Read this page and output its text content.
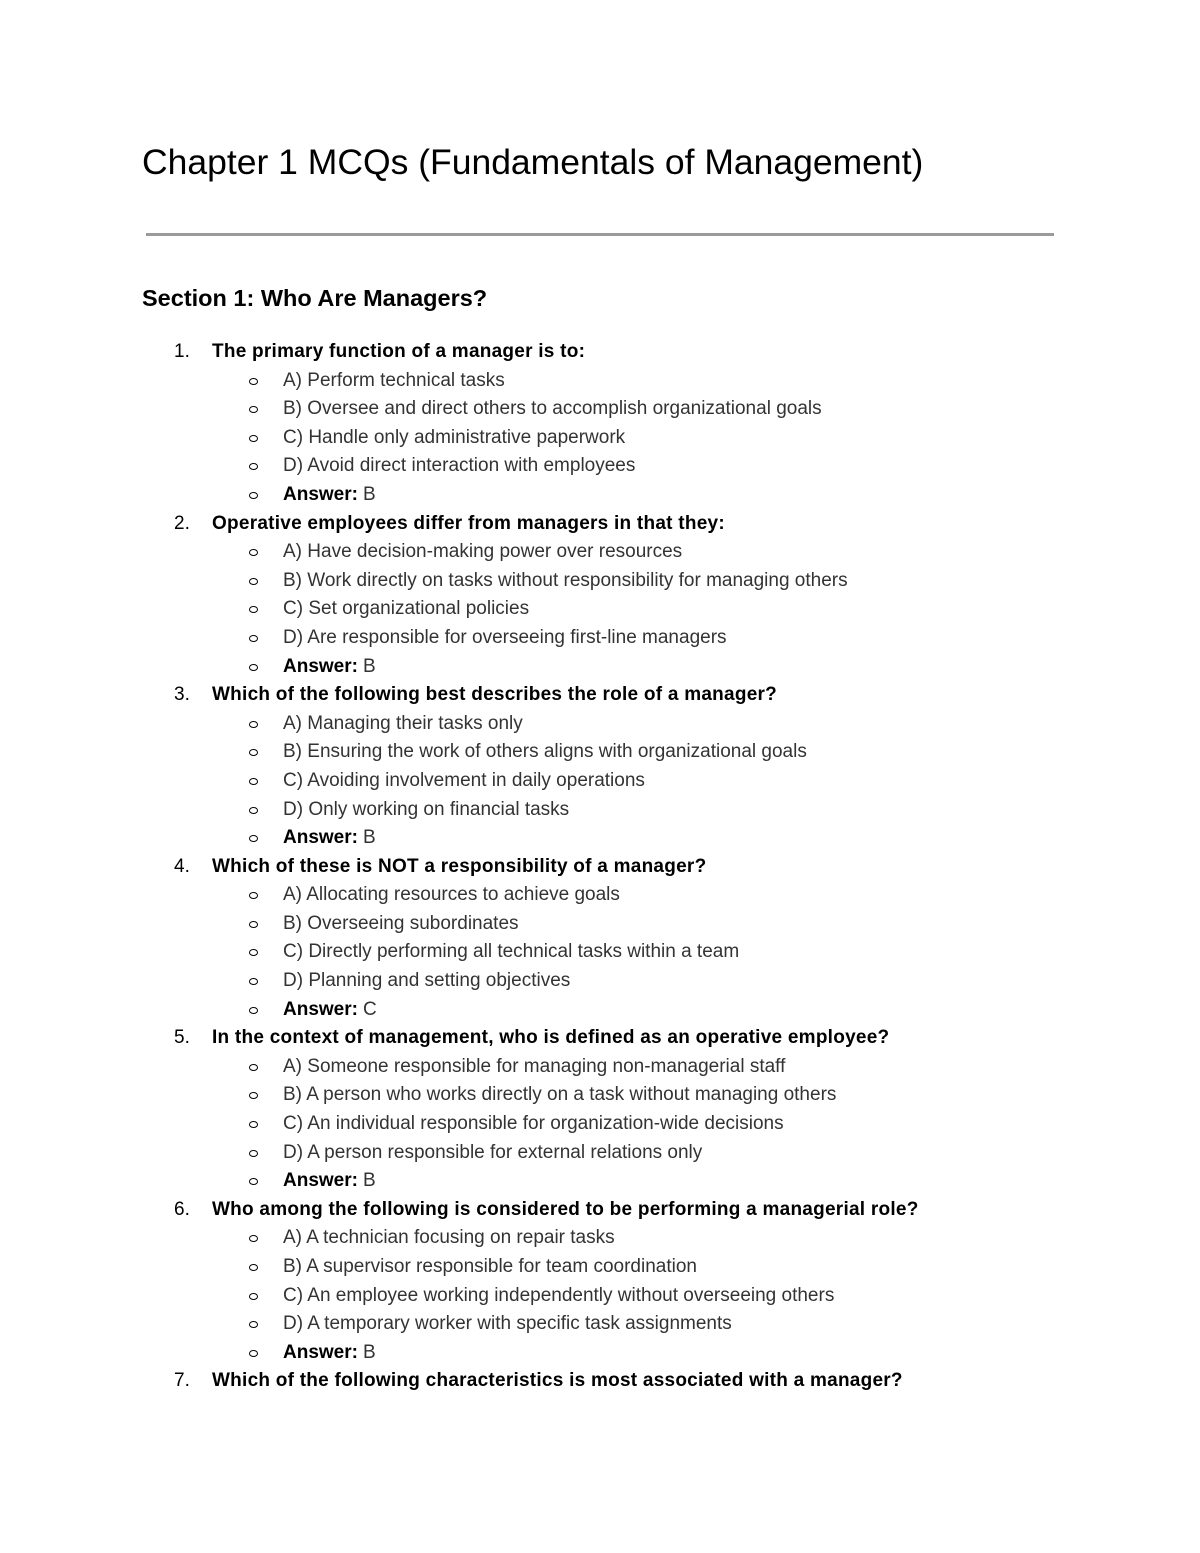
Chapter 1 MCQs (Fundamentals of Management)
Section 1: Who Are Managers?
1. The primary function of a manager is to:
A) Perform technical tasks
B) Oversee and direct others to accomplish organizational goals
C) Handle only administrative paperwork
D) Avoid direct interaction with employees
Answer: B
2. Operative employees differ from managers in that they:
A) Have decision-making power over resources
B) Work directly on tasks without responsibility for managing others
C) Set organizational policies
D) Are responsible for overseeing first-line managers
Answer: B
3. Which of the following best describes the role of a manager?
A) Managing their tasks only
B) Ensuring the work of others aligns with organizational goals
C) Avoiding involvement in daily operations
D) Only working on financial tasks
Answer: B
4. Which of these is NOT a responsibility of a manager?
A) Allocating resources to achieve goals
B) Overseeing subordinates
C) Directly performing all technical tasks within a team
D) Planning and setting objectives
Answer: C
5. In the context of management, who is defined as an operative employee?
A) Someone responsible for managing non-managerial staff
B) A person who works directly on a task without managing others
C) An individual responsible for organization-wide decisions
D) A person responsible for external relations only
Answer: B
6. Who among the following is considered to be performing a managerial role?
A) A technician focusing on repair tasks
B) A supervisor responsible for team coordination
C) An employee working independently without overseeing others
D) A temporary worker with specific task assignments
Answer: B
7. Which of the following characteristics is most associated with a manager?
